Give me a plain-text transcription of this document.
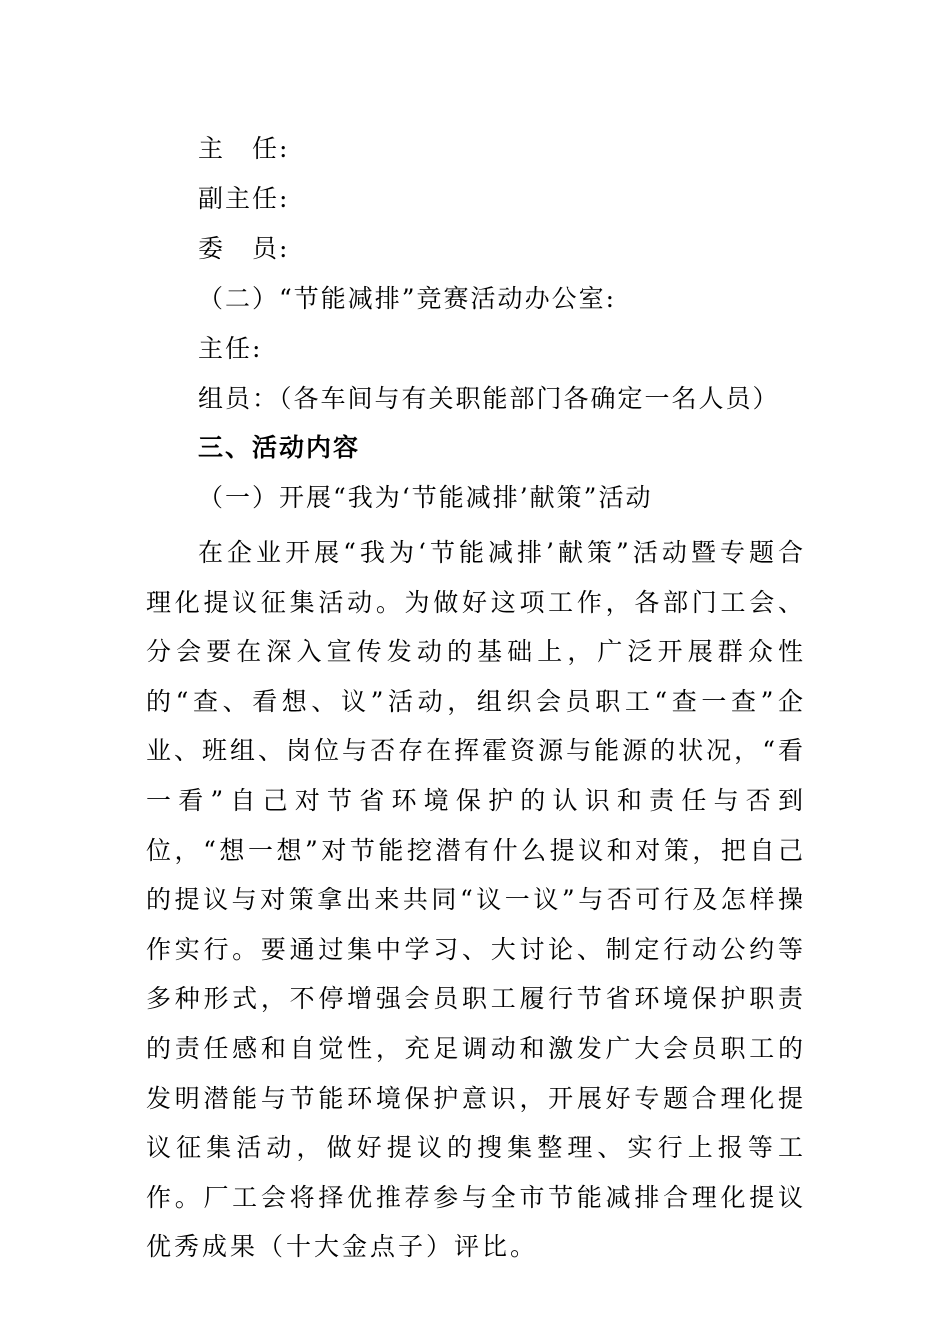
主　任:
副主任:
委　员:
（二）“节能减排”竞赛活动办公室:
主任:
组员：（各车间与有关职能部门各确定一名人员）
三、活动内容
（一）开展“我为‘节能减排’献策”活动

在企业开展“我为‘节能减排’献策”活动暨专题合理化提议征集活动。为做好这项工作，各部门工会、分会要在深入宣传发动的基础上，广泛开展群众性的“查、看想、议”活动，组织会员职工“查一查”企业、班组、岗位与否存在挥霍资源与能源的状况，“看一看”自己对节省环境保护的认识和责任与否到位，“想一想”对节能挖潜有什么提议和对策，把自己的提议与对策拿出来共同“议一议”与否可行及怎样操作实行。要通过集中学习、大讨论、制定行动公约等多种形式，不停增强会员职工履行节省环境保护职责的责任感和自觉性，充足调动和激发广大会员职工的发明潜能与节能环境保护意识，开展好专题合理化提议征集活动，做好提议的搜集整理、实行上报等工作。厂工会将择优推荐参与全市节能减排合理化提议优秀成果（十大金点子）评比。
